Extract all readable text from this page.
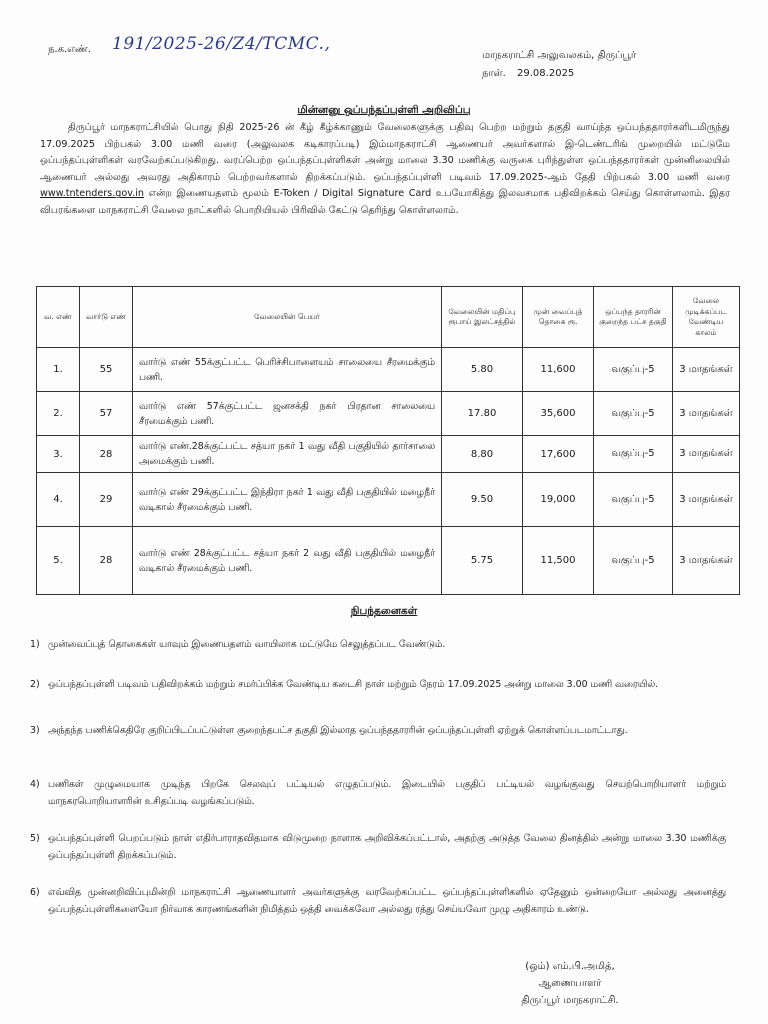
ந.க.எண். 191/2025-26/Z4/TCMC.,
மாநகராட்சி அலுவலகம், திருப்பூர்
நாள். 29.08.2025
மின்னனு ஒப்பந்தப்புள்ளி அறிவிப்பு
திருப்பூர் மாநகராட்சியில் பொது நிதி 2025-26 ன் கீழ் கீழ்க்காணும் வேலைகளுக்கு பதிவு பெற்ற மற்றும் தகுதி வாய்ந்த ஒப்பந்ததாரர்களிடமிருந்து 17.09.2025 பிற்பகல் 3.00 மணி வரை (அலுவலக கடிகாரப்படி) இம்மாநகராட்சி ஆணையர் அவர்களால் இ-டெண்டரிங் முறையில் மட்டுமே ஒப்பந்தப்புள்ளிகள் வரவேற்கப்படுகிறது. வரப்பெற்ற ஒப்பந்தப்புள்ளிகள் அன்று மாலை 3.30 மணிக்கு வருகை புரிந்துள்ள ஒப்பந்ததாரர்கள் முன்னிலையில் ஆணையர் அல்லது அவரது அதிகாரம் பெற்றவர்களால் திறக்கப்படும். ஒப்பந்தப்புள்ளி படிவம் 17.09.2025-ஆம் தேதி பிற்பகல் 3.00 மணி வரை www.tntenders.gov.in என்ற இணையதளம் மூலம் E-Token / Digital Signature Card உபயோகித்து இலவசமாக பதிவிறக்கம் செய்து கொள்ளலாம். இதர விபரங்களை மாநகராட்சி வேலை நாட்களில் பொறியியல் பிரிவில் கேட்டு தெரிந்து கொள்ளலாம்.
வ. எண்	வார்டு எண்	வேலையின் பெயர்	வேலையின் மதிப்பு ரூபாய் இலட்சத்தில்	முன் வைப்புத் தொகை ரூ.	ஒப்பந்த தாரரின் குறைந்த பட்ச தகுதி	வேலை முடிக்கப்பட வேண்டிய காலம்
1.	55	வார்டு எண் 55க்குட்பட்ட பெரிச்சிபாளையம் சாலையை சீரமைக்கும் பணி.	5.80	11,600	வகுப்பு-5	3 மாதங்கள்
2.	57	வார்டு எண் 57க்குட்பட்ட ஜனசக்தி நகர் பிரதான சாலையை சீரமைக்கும் பணி.	17.80	35,600	வகுப்பு-5	3 மாதங்கள்
3.	28	வார்டு எண்.28க்குட்பட்ட சத்யா நகர் 1 வது வீதி பகுதியில் தார்சாலை அமைக்கும் பணி.	8.80	17,600	வகுப்பு-5	3 மாதங்கள்
4.	29	வார்டு எண் 29க்குட்பட்ட இந்திரா நகர் 1 வது வீதி பகுதியில் மழைநீர் வடிகால் சீரமைக்கும் பணி.	9.50	19,000	வகுப்பு-5	3 மாதங்கள்
5.	28	வார்டு எண் 28க்குட்பட்ட சத்யா நகர் 2 வது வீதி பகுதியில் மழைநீர் வடிகால் சீரமைக்கும் பணி.	5.75	11,500	வகுப்பு-5	3 மாதங்கள்
நிபந்தனைகள்
1) முன்வைப்புத் தொகைகள் யாவும் இணையதளம் வாயிலாக மட்டுமே செலுத்தப்பட வேண்டும்.
2) ஒப்பந்தப்புள்ளி படிவம் பதிவிறக்கம் மற்றும் சமர்ப்பிக்க வேண்டிய கடைசி நாள் மற்றும் நேரம் 17.09.2025 அன்று மாலை 3.00 மணி வரையில்.
3) அந்தந்த பணிக்கெதிரே குறிப்பிடப்பட்டுள்ள குறைந்தபட்ச தகுதி இல்லாத ஒப்பந்ததாரரின் ஒப்பந்தப்புள்ளி ஏற்றுக் கொள்ளப்படமாட்டாது.
4) பணிகள் முழுமையாக முடிந்த பிறகே செலவுப் பட்டியல் எழுதப்படும். இடையில் பகுதிப் பட்டியல் வழங்குவது செயற்பொறியாளர் மற்றும் மாநகரபொறியாளரின் உசிதப்படி வழங்கப்படும்.
5) ஒப்பந்தப்புள்ளி பெறப்படும் நாள் எதிர்பாராதவிதமாக விடுமுறை நாளாக அறிவிக்கப்பட்டால், அதற்கு அடுத்த வேலை தினத்தில் அன்று மாலை 3.30 மணிக்கு ஒப்பந்தப்புள்ளி திறக்கப்படும்.
6) எவ்வித முன்னறிவிப்புமின்றி மாநகராட்சி ஆணையாளர் அவர்களுக்கு வரவேற்கப்பட்ட ஒப்பந்தப்புள்ளிகளில் ஏதேனும் ஒன்றையோ அல்லது அனைத்து ஒப்பந்தப்புள்ளிகளையோ நிர்வாக காரணங்களின் நிமித்தம் ஒத்தி வைக்கவோ அல்லது ரத்து செய்யவோ முழு அதிகாரம் உண்டு.
(ஒம்) எம்.பி.அமித்,
ஆணையாளர்
திருப்பூர் மாநகராட்சி.
